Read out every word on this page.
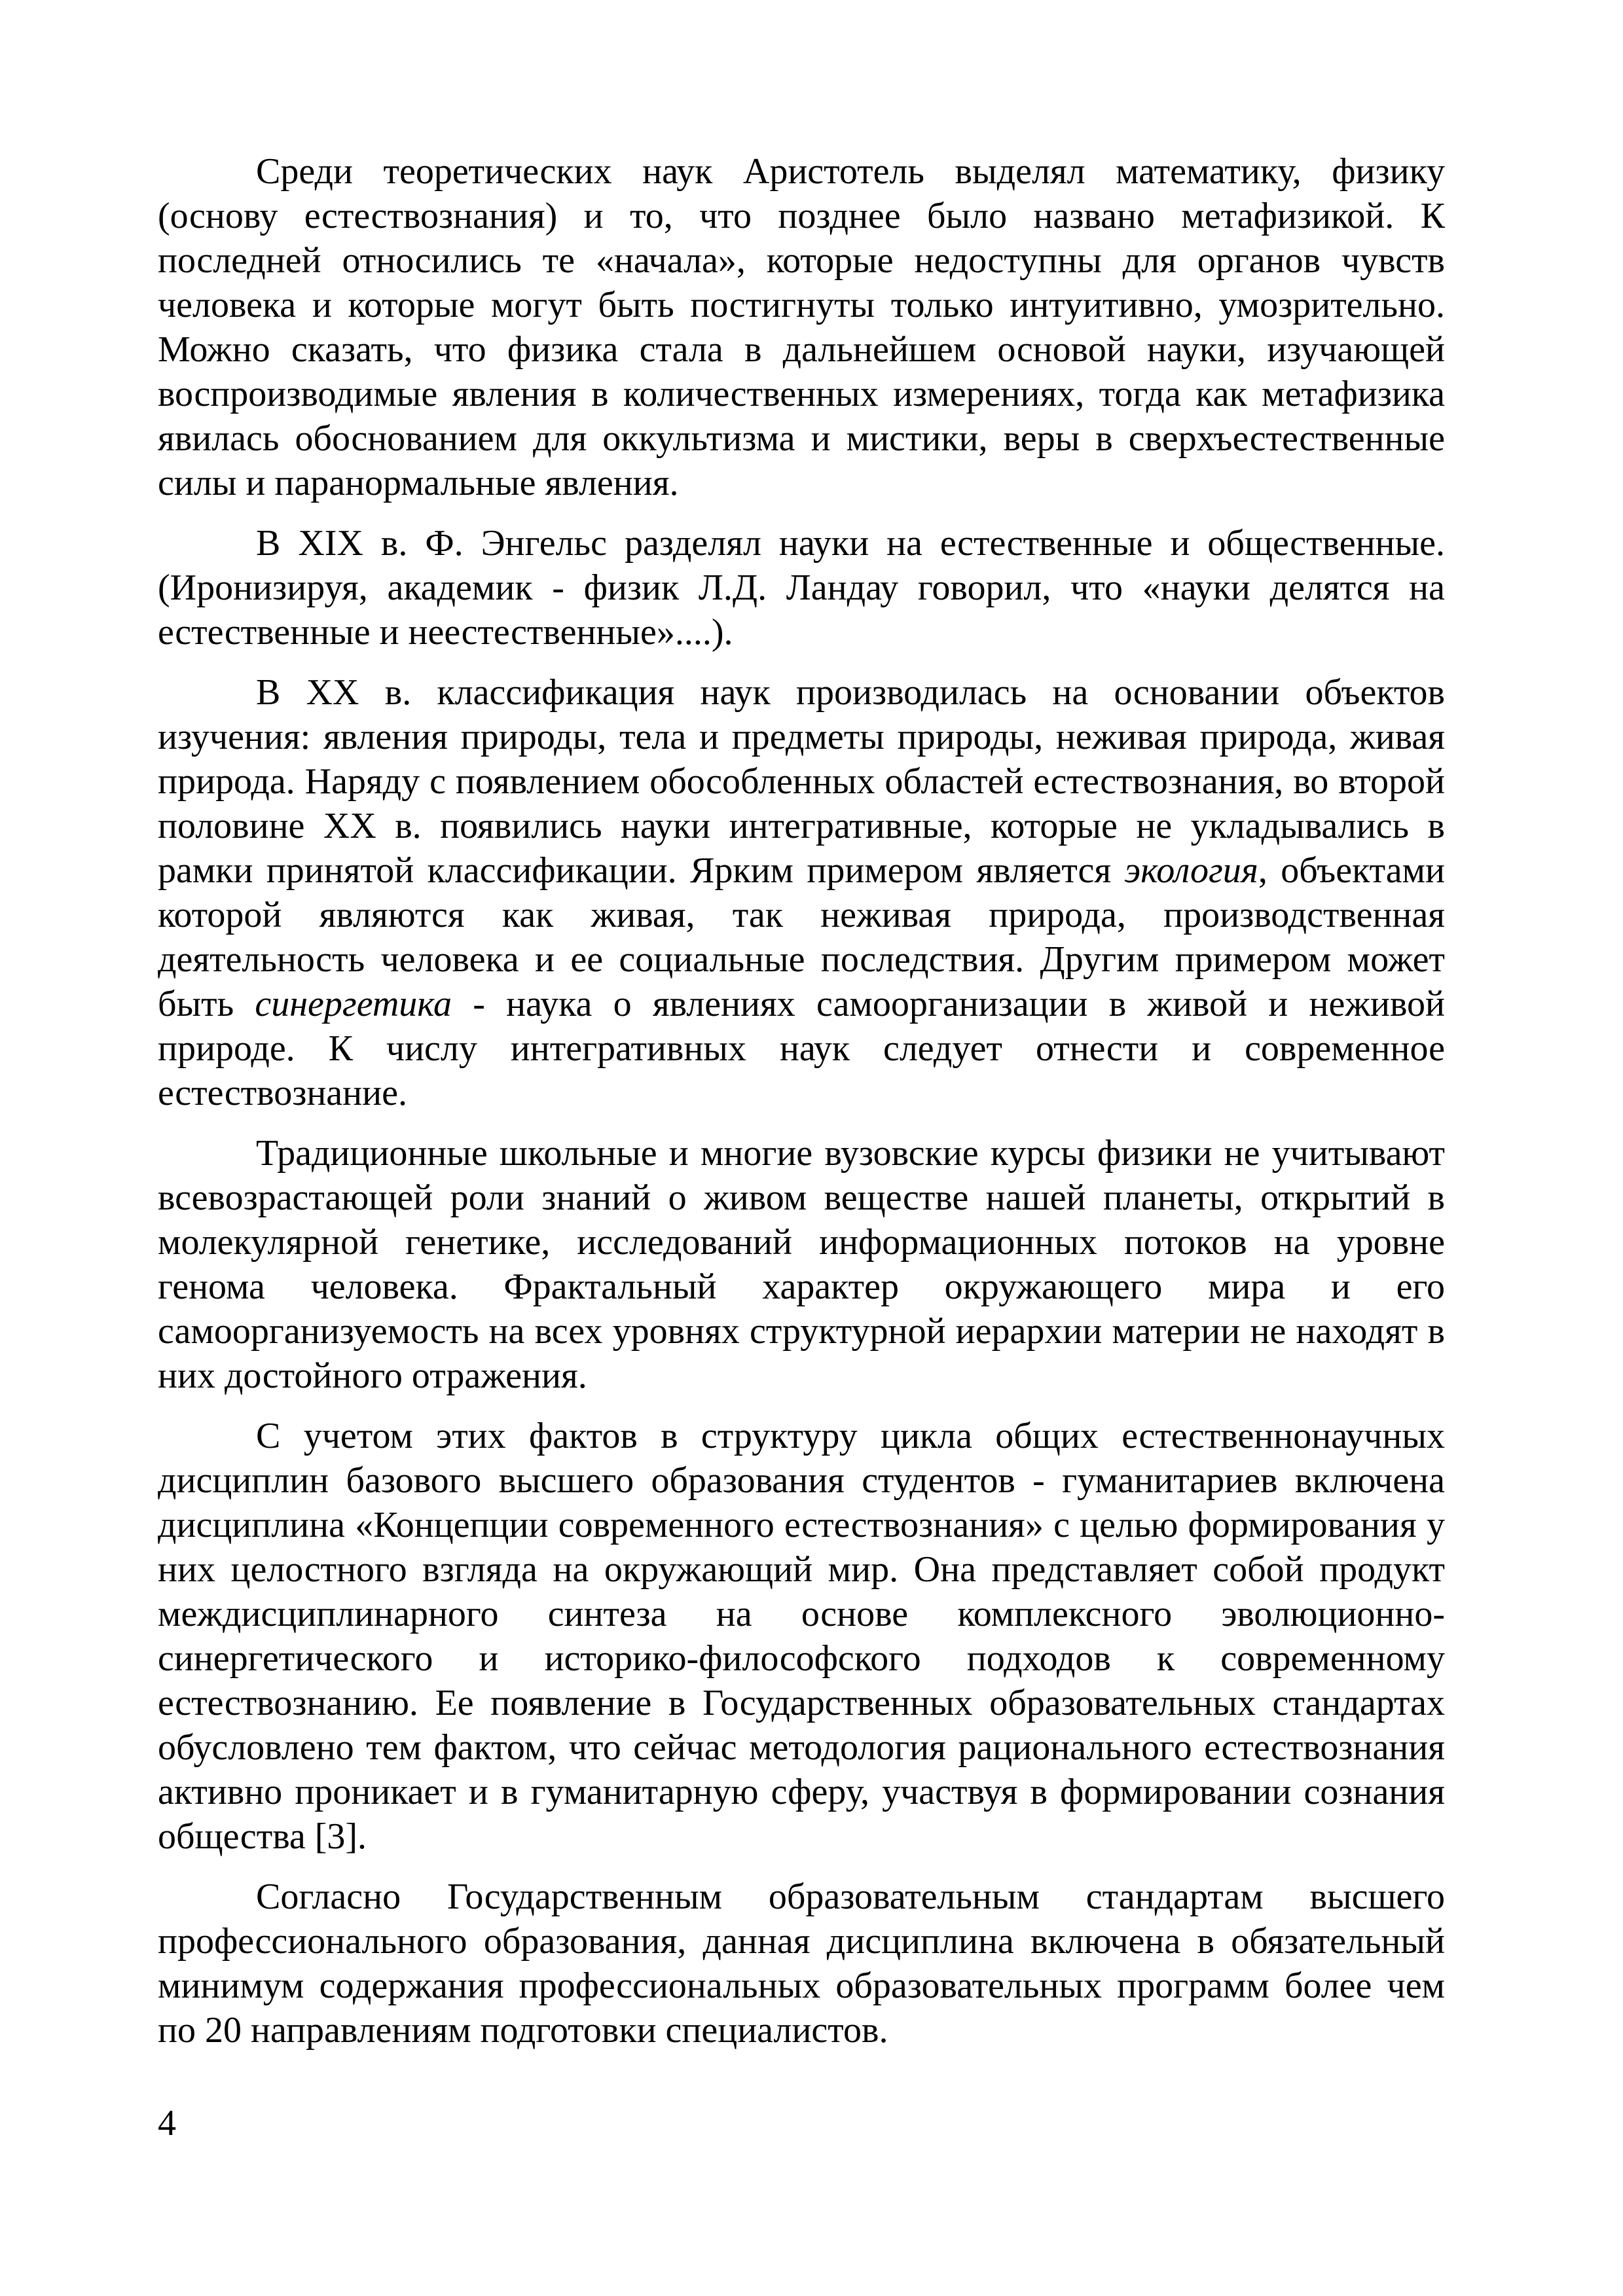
Среди теоретических наук Аристотель выделял математику, физику (основу естествознания) и то, что позднее было названо метафизикой. К последней относились те «начала», которые недоступны для органов чувств человека и которые могут быть постигнуты только интуитивно, умозрительно. Можно сказать, что физика стала в дальнейшем основой науки, изучающей воспроизводимые явления в количественных измерениях, тогда как метафизика явилась обоснованием для оккультизма и мистики, веры в сверхъестественные силы и паранормальные явления.

В XIX в. Ф. Энгельс разделял науки на естественные и общественные. (Иронизируя, академик - физик Л.Д. Ландау говорил, что «науки делятся на естественные и неестественные»....).

В XX в. классификация наук производилась на основании объектов изучения: явления природы, тела и предметы природы, неживая природа, живая природа. Наряду с появлением обособленных областей естествознания, во второй половине XX в. появились науки интегративные, которые не укладывались в рамки принятой классификации. Ярким примером является экология, объектами которой являются как живая, так неживая природа, производственная деятельность человека и ее социальные последствия. Другим примером может быть синергетика - наука о явлениях самоорганизации в живой и неживой природе. К числу интегративных наук следует отнести и современное естествознание.

Традиционные школьные и многие вузовские курсы физики не учитывают всевозрастающей роли знаний о живом веществе нашей планеты, открытий в молекулярной генетике, исследований информационных потоков на уровне генома человека. Фрактальный характер окружающего мира и его самоорганизуемость на всех уровнях структурной иерархии материи не находят в них достойного отражения.

С учетом этих фактов в структуру цикла общих естественнонаучных дисциплин базового высшего образования студентов - гуманитариев включена дисциплина «Концепции современного естествознания» с целью формирования у них целостного взгляда на окружающий мир. Она представляет собой продукт междисциплинарного синтеза на основе комплексного эволюционно-синергетического и историко-философского подходов к современному естествознанию. Ее появление в Государственных образовательных стандартах обусловлено тем фактом, что сейчас методология рационального естествознания активно проникает и в гуманитарную сферу, участвуя в формировании сознания общества [3].

Согласно Государственным образовательным стандартам высшего профессионального образования, данная дисциплина включена в обязательный минимум содержания профессиональных образовательных программ более чем по 20 направлениям подготовки специалистов.

4
